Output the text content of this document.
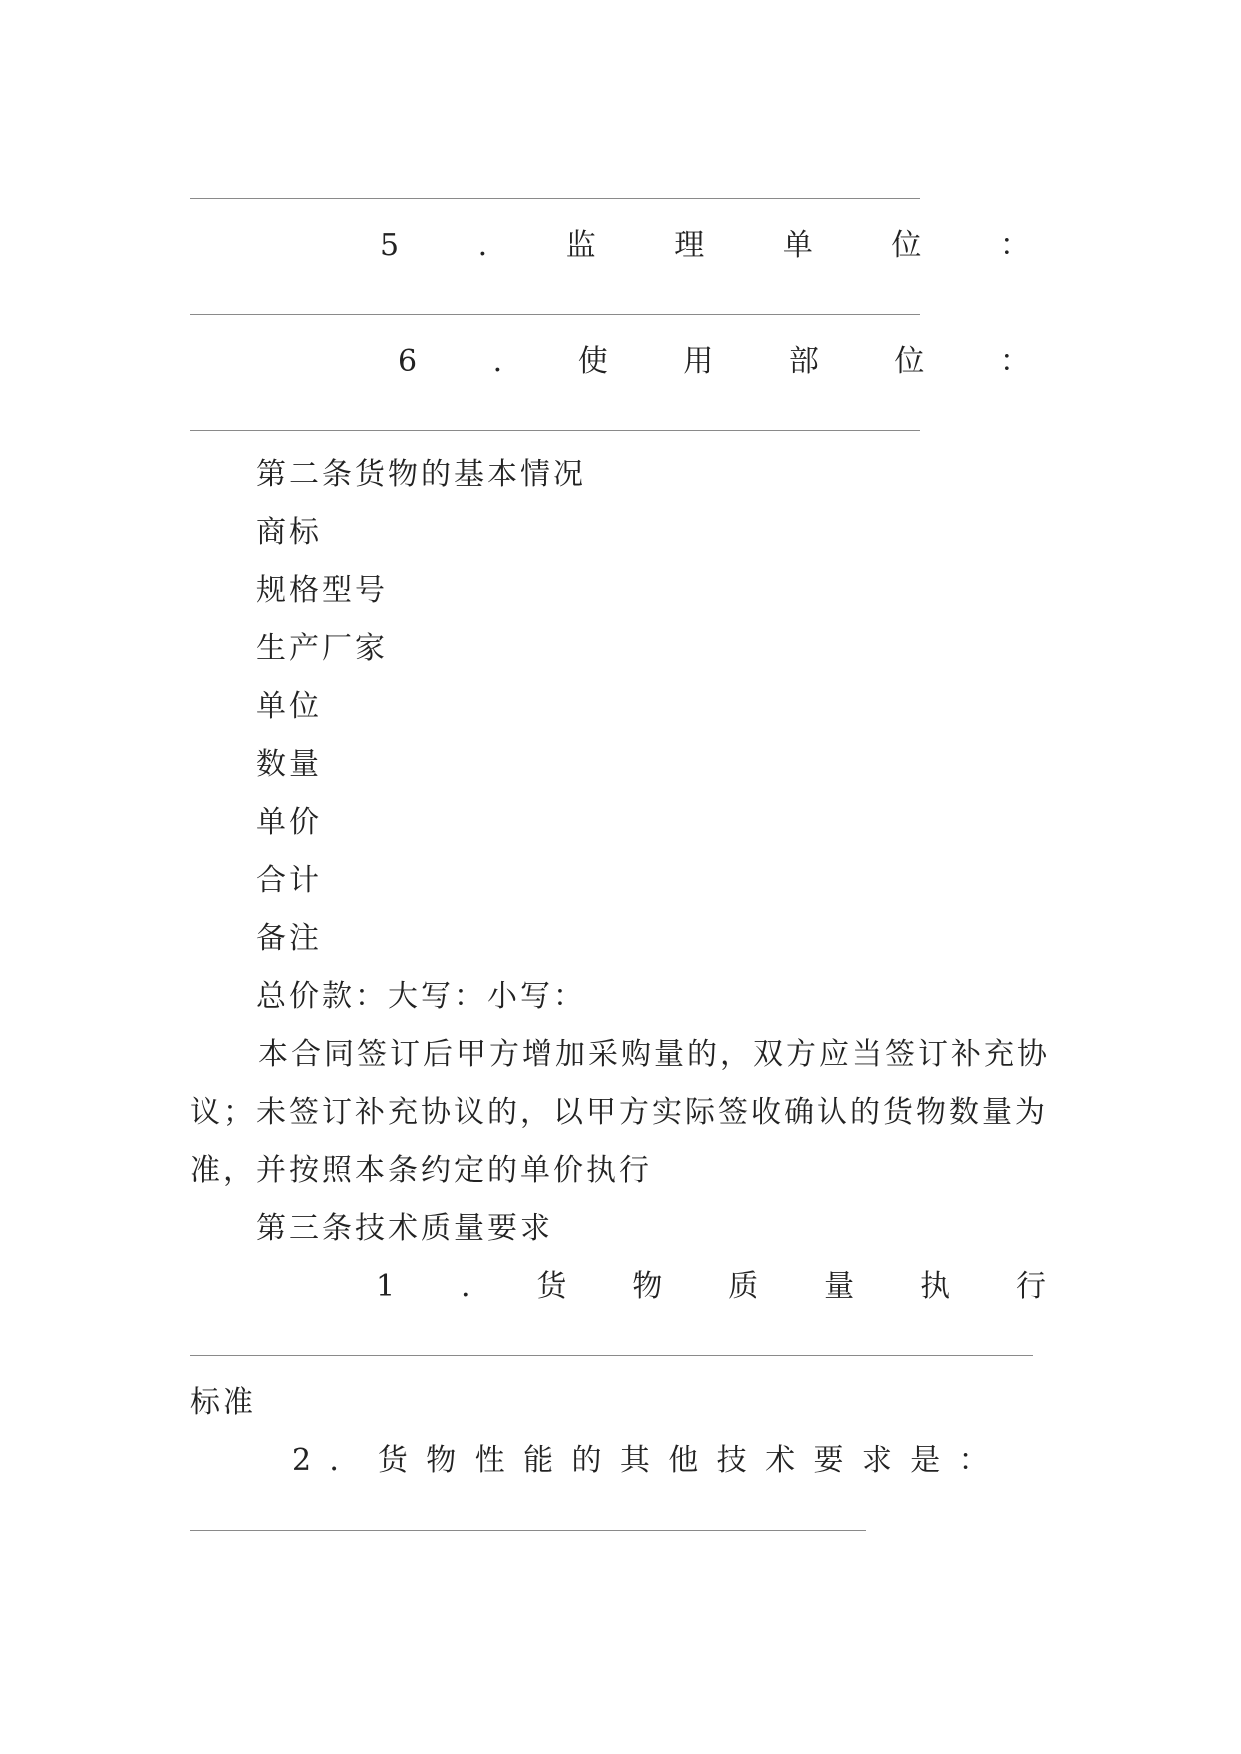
5	.	监	理	单	位	：
6	.	使	用	部	位	：
第二条货物的基本情况
商标
规格型号
生产厂家
单位
数量
单价
合计
备注
总价款：大写：小写：
本合同签订后甲方增加采购量的，双方应当签订补充协议；未签订补充协议的，以甲方实际签收确认的货物数量为准，并按照本条约定的单价执行
第三条技术质量要求
1 . 货 物 质 量 执 行
标准
2．货物性能的其他技术要求是：
